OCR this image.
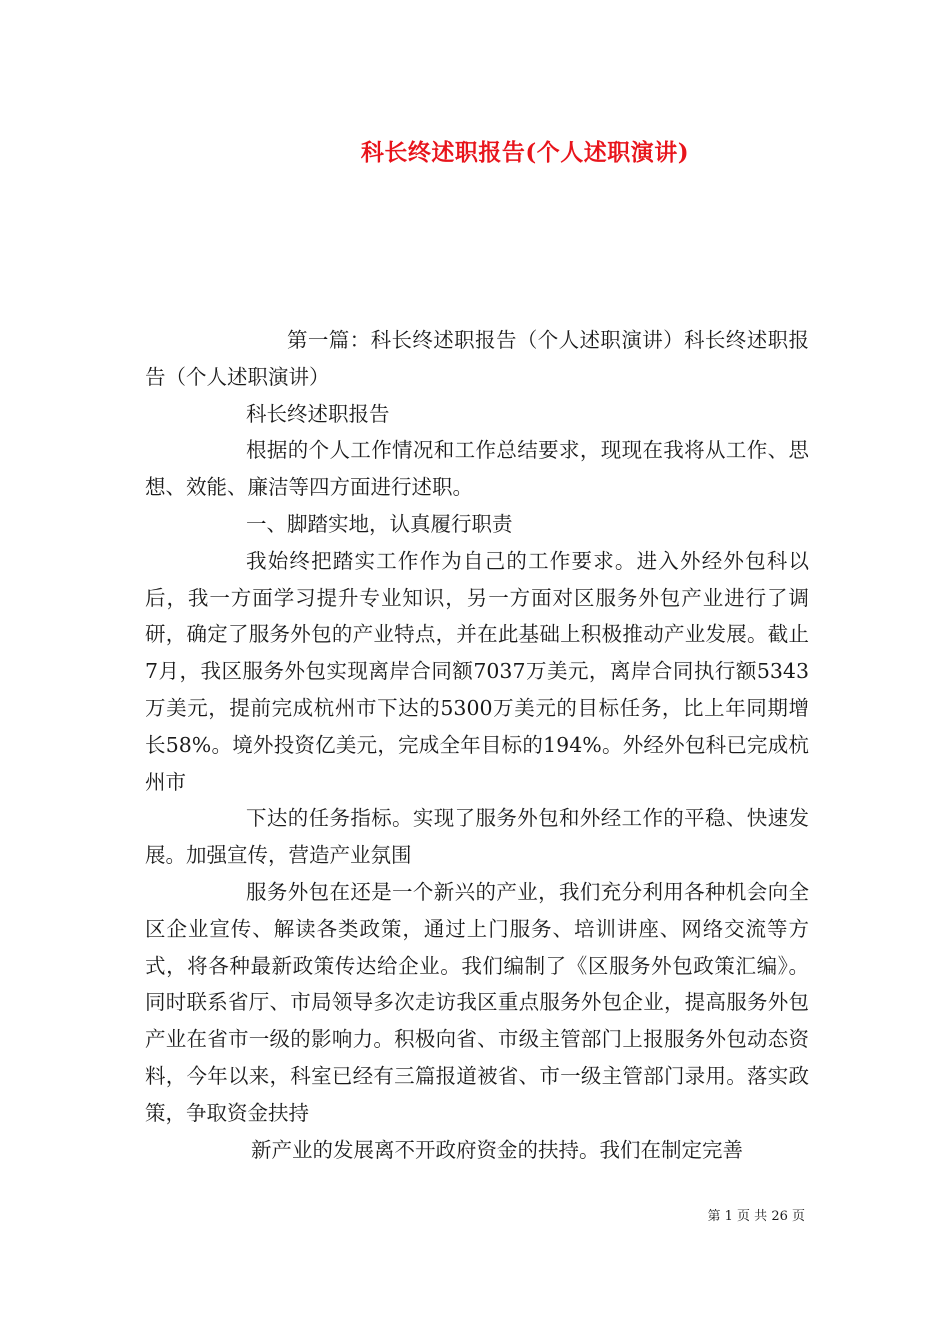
科长终述职报告(个人述职演讲)

第一篇：科长终述职报告（个人述职演讲）科长终述职报告（个人述职演讲）

科长终述职报告

根据的个人工作情况和工作总结要求，现现在我将从工作、思想、效能、廉洁等四方面进行述职。

一、脚踏实地，认真履行职责

我始终把踏实工作作为自己的工作要求。进入外经外包科以后，我一方面学习提升专业知识，另一方面对区服务外包产业进行了调研，确定了服务外包的产业特点，并在此基础上积极推动产业发展。截止7月，我区服务外包实现离岸合同额7037万美元，离岸合同执行额5343万美元，提前完成杭州市下达的5300万美元的目标任务，比上年同期增长58%。境外投资亿美元，完成全年目标的194%。外经外包科已完成杭州市

下达的任务指标。实现了服务外包和外经工作的平稳、快速发展。加强宣传，营造产业氛围

服务外包在还是一个新兴的产业，我们充分利用各种机会向全区企业宣传、解读各类政策，通过上门服务、培训讲座、网络交流等方式，将各种最新政策传达给企业。我们编制了《区服务外包政策汇编》。同时联系省厅、市局领导多次走访我区重点服务外包企业，提高服务外包产业在省市一级的影响力。积极向省、市级主管部门上报服务外包动态资料，今年以来，科室已经有三篇报道被省、市一级主管部门录用。落实政策，争取资金扶持

新产业的发展离不开政府资金的扶持。我们在制定完善

第 1 页 共 26 页
